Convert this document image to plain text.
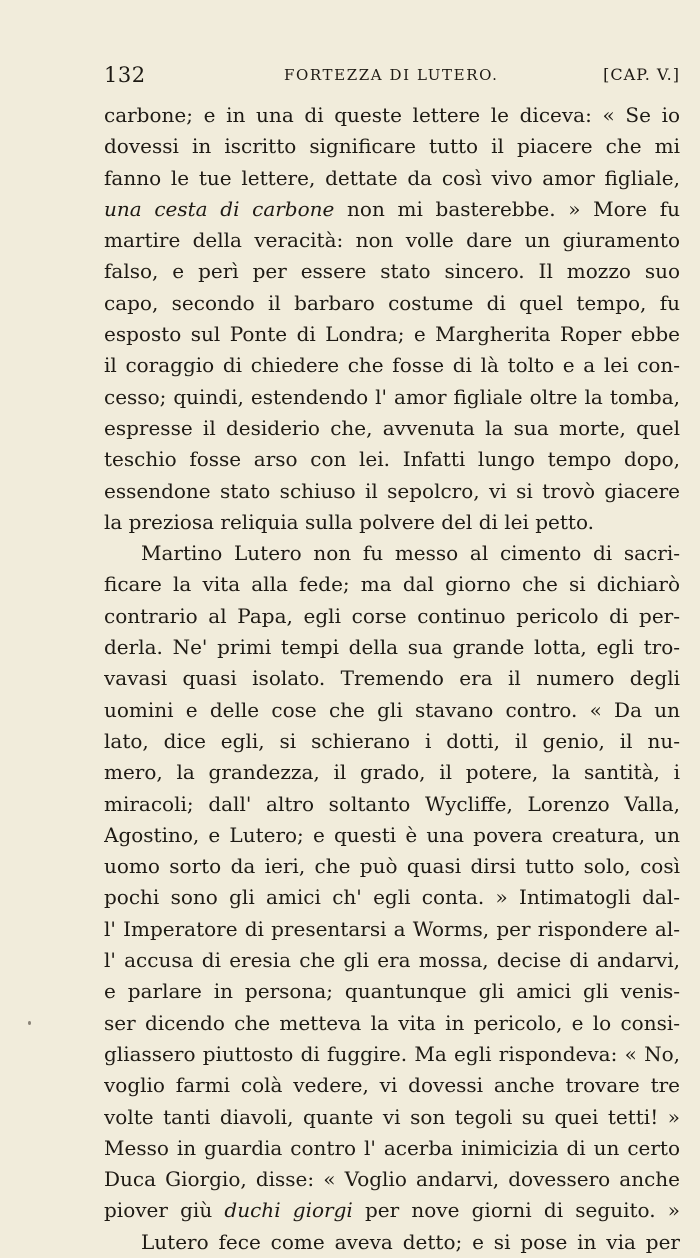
132	FORTEZZA DI LUTERO.	[CAP. V.]
carbone; e in una di queste lettere le diceva: « Se io
dovessi in iscritto significare tutto il piacere che mi
fanno le tue lettere, dettate da così vivo amor figliale,
una cesta di carbone non mi basterebbe. » More fu
martire della veracità: non volle dare un giuramento
falso, e perì per essere stato sincero. Il mozzo suo
capo, secondo il barbaro costume di quel tempo, fu
esposto sul Ponte di Londra; e Margherita Roper ebbe
il coraggio di chiedere che fosse di là tolto e a lei con-
cesso; quindi, estendendo l' amor figliale oltre la tomba,
espresse il desiderio che, avvenuta la sua morte, quel
teschio fosse arso con lei. Infatti lungo tempo dopo,
essendone stato schiuso il sepolcro, vi si trovò giacere
la preziosa reliquia sulla polvere del di lei petto.
Martino Lutero non fu messo al cimento di sacri-
ficare la vita alla fede; ma dal giorno che si dichiarò
contrario al Papa, egli corse continuo pericolo di per-
derla. Ne' primi tempi della sua grande lotta, egli tro-
vavasi quasi isolato. Tremendo era il numero degli
uomini e delle cose che gli stavano contro. « Da un
lato, dice egli, si schierano i dotti, il genio, il nu-
mero, la grandezza, il grado, il potere, la santità, i
miracoli; dall' altro soltanto Wycliffe, Lorenzo Valla,
Agostino, e Lutero; e questi è una povera creatura, un
uomo sorto da ieri, che può quasi dirsi tutto solo, così
pochi sono gli amici ch' egli conta. » Intimatogli dal-
l' Imperatore di presentarsi a Worms, per rispondere al-
l' accusa di eresia che gli era mossa, decise di andarvi,
e parlare in persona; quantunque gli amici gli venis-
ser dicendo che metteva la vita in pericolo, e lo consi-
gliassero piuttosto di fuggire. Ma egli rispondeva: « No,
voglio farmi colà vedere, vi dovessi anche trovare tre
volte tanti diavoli, quante vi son tegoli su quei tetti! »
Messo in guardia contro l' acerba inimicizia di un certo
Duca Giorgio, disse: « Voglio andarvi, dovessero anche
piover giù duchi giorgi per nove giorni di seguito. »
Lutero fece come aveva detto; e si pose in via per
